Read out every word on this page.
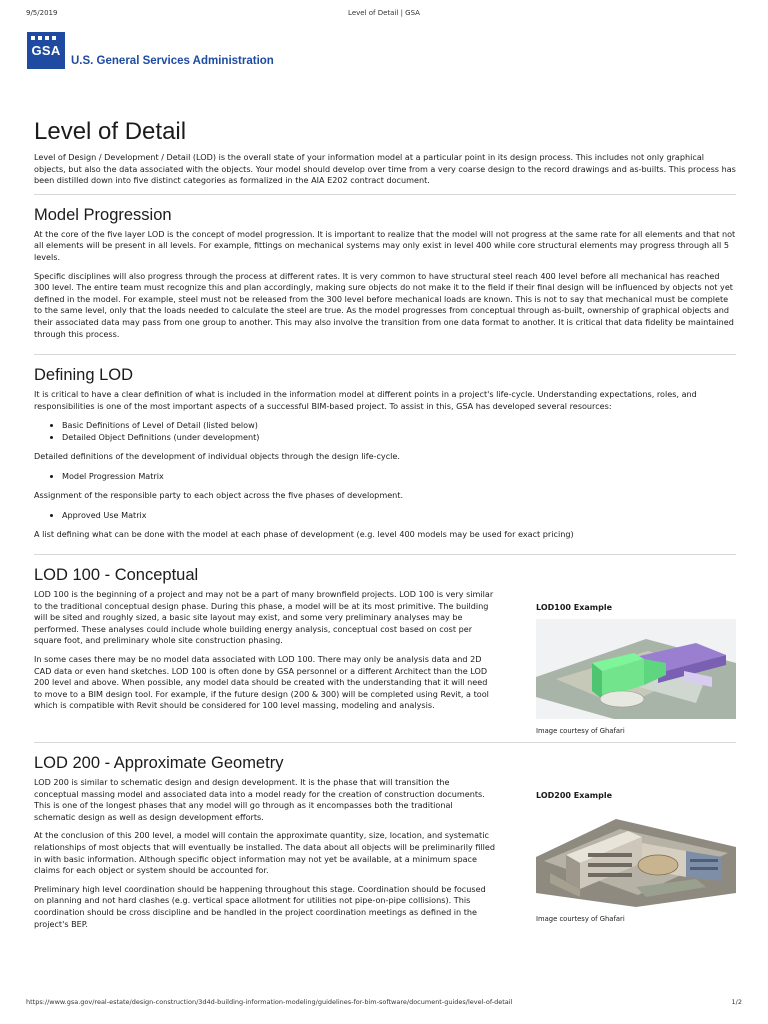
9/5/2019	Level of Detail | GSA
GSA
U.S. General Services Administration
Level of Detail

Level of Design / Development / Detail (LOD) is the overall state of your information model at a particular point in its design process. This includes not only graphical objects, but also the data associated with the objects. Your model should develop over time from a very coarse design to the record drawings and as-builts. This process has been distilled down into five distinct categories as formalized in the AIA E202 contract document.

Model Progression

At the core of the five layer LOD is the concept of model progression. It is important to realize that the model will not progress at the same rate for all elements and that not all elements will be present in all levels. For example, fittings on mechanical systems may only exist in level 400 while core structural elements may progress through all 5 levels.

Specific disciplines will also progress through the process at different rates. It is very common to have structural steel reach 400 level before all mechanical has reached 300 level. The entire team must recognize this and plan accordingly, making sure objects do not make it to the field if their final design will be influenced by objects not yet defined in the model. For example, steel must not be released from the 300 level before mechanical loads are known. This is not to say that mechanical must be complete to the same level, only that the loads needed to calculate the steel are true. As the model progresses from conceptual through as-built, ownership of graphical objects and their associated data may pass from one group to another. This may also involve the transition from one data format to another. It is critical that data fidelity be maintained through this process.

Defining LOD

It is critical to have a clear definition of what is included in the information model at different points in a project's life-cycle. Understanding expectations, roles, and responsibilities is one of the most important aspects of a successful BIM-based project. To assist in this, GSA has developed several resources:

• Basic Definitions of Level of Detail (listed below)
• Detailed Object Definitions (under development)

Detailed definitions of the development of individual objects through the design life-cycle.

• Model Progression Matrix

Assignment of the responsible party to each object across the five phases of development.

• Approved Use Matrix

A list defining what can be done with the model at each phase of development (e.g. level 400 models may be used for exact pricing)

LOD 100 - Conceptual

LOD 100 is the beginning of a project and may not be a part of many brownfield projects. LOD 100 is very similar to the traditional conceptual design phase. During this phase, a model will be at its most primitive. The building will be sited and roughly sized, a basic site layout may exist, and some very preliminary analyses may be performed. These analyses could include whole building energy analysis, conceptual cost based on cost per square foot, and preliminary whole site construction phasing.

In some cases there may be no model data associated with LOD 100. There may only be analysis data and 2D CAD data or even hand sketches. LOD 100 is often done by GSA personnel or a different Architect than the LOD 200 level and above. When possible, any model data should be created with the understanding that it will need to move to a BIM design tool. For example, if the future design (200 & 300) will be completed using Revit, a tool which is compatible with Revit should be considered for 100 level massing, modeling and analysis.

LOD100 Example
Image courtesy of Ghafari
LOD 200 - Approximate Geometry

LOD 200 is similar to schematic design and design development. It is the phase that will transition the conceptual massing model and associated data into a model ready for the creation of construction documents. This is one of the longest phases that any model will go through as it encompasses both the traditional schematic design as well as design development efforts.

At the conclusion of this 200 level, a model will contain the approximate quantity, size, location, and systematic relationships of most objects that will eventually be installed. The data about all objects will be preliminarily filled in with basic information. Although specific object information may not yet be available, at a minimum space claims for each object or system should be accounted for.

Preliminary high level coordination should be happening throughout this stage. Coordination should be focused on planning and not hard clashes (e.g. vertical space allotment for utilities not pipe-on-pipe collisions). This coordination should be cross discipline and be handled in the project coordination meetings as defined in the project's BEP.

LOD200 Example
Image courtesy of Ghafari
https://www.gsa.gov/real-estate/design-construction/3d4d-building-information-modeling/guidelines-for-bim-software/document-guides/level-of-detail	1/2
